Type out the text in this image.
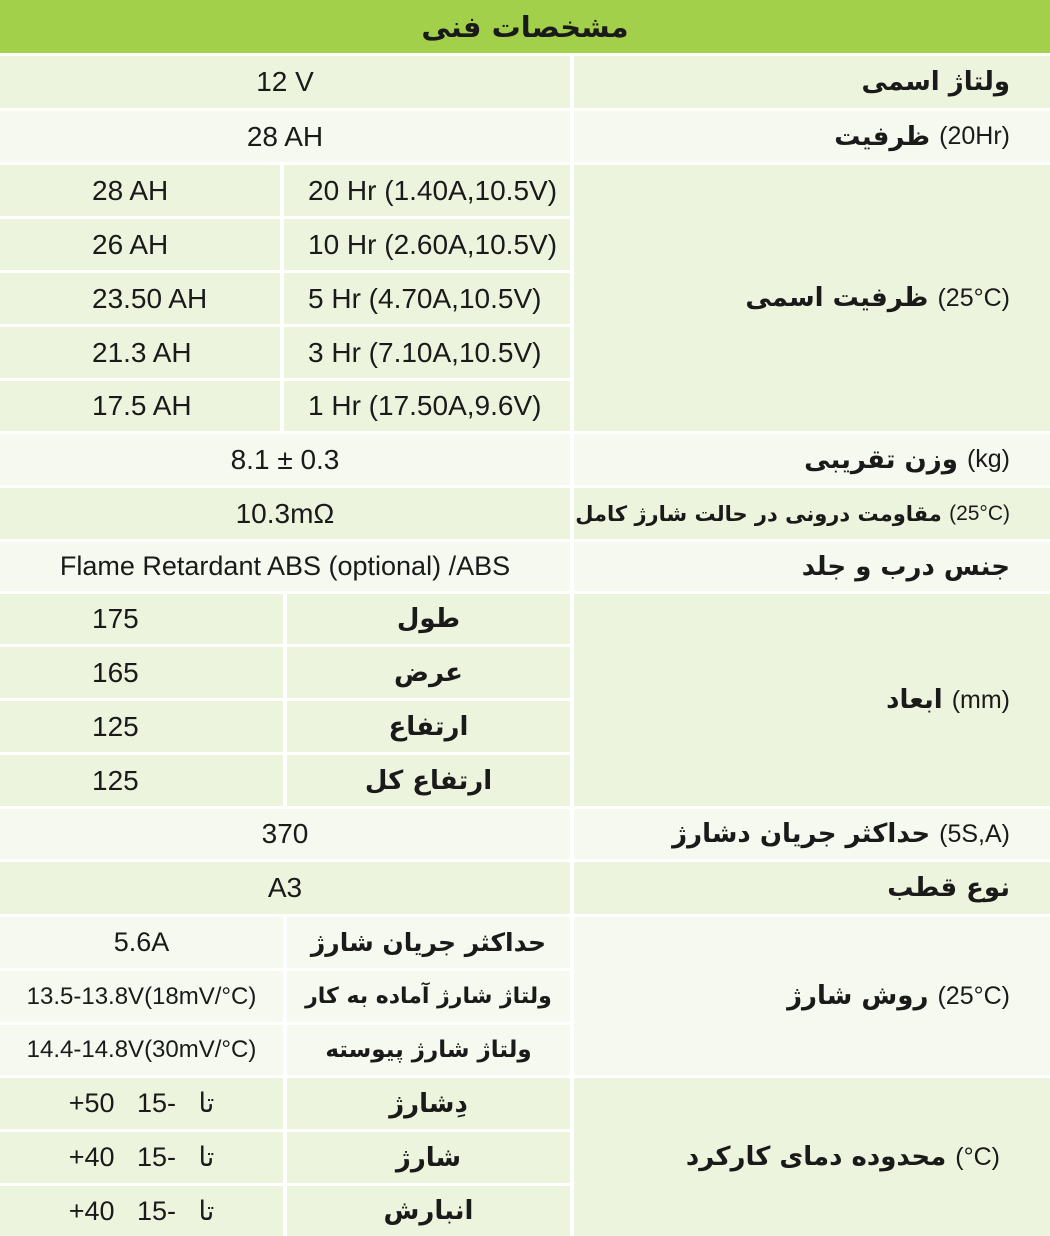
مشخصات فنی
ولتاژ اسمی
12 V
ظرفیت
(20Hr)
28 AH
ظرفیت اسمی
(25°C)
20 Hr (1.40A,10.5V)
28 AH
10 Hr (2.60A,10.5V)
26 AH
5 Hr (4.70A,10.5V)
23.50 AH
3 Hr (7.10A,10.5V)
21.3 AH
1 Hr (17.50A,9.6V)
17.5 AH
وزن تقریبی
(kg)
8.1 ± 0.3
مقاومت درونی در حالت شارژ کامل
(25°C)
10.3mΩ
جنس درب و جلد
Flame Retardant ABS (optional) /ABS
ابعاد
(mm)
طول
175
عرض
165
ارتفاع
125
ارتفاع کل
125
حداکثر جریان دشارژ
(5S,A)
370
نوع قطب
A3
روش شارژ
(25°C)
حداکثر جریان شارژ
5.6A
ولتاژ شارژ آماده به کار
13.5-13.8V(18mV/°C)
ولتاژ شارژ پیوسته
14.4-14.8V(30mV/°C)
محدوده دمای کارکرد
(°C)
دِشارژ
+50   تا   -15
شارژ
+40   تا   -15
انبارش
+40   تا   -15
